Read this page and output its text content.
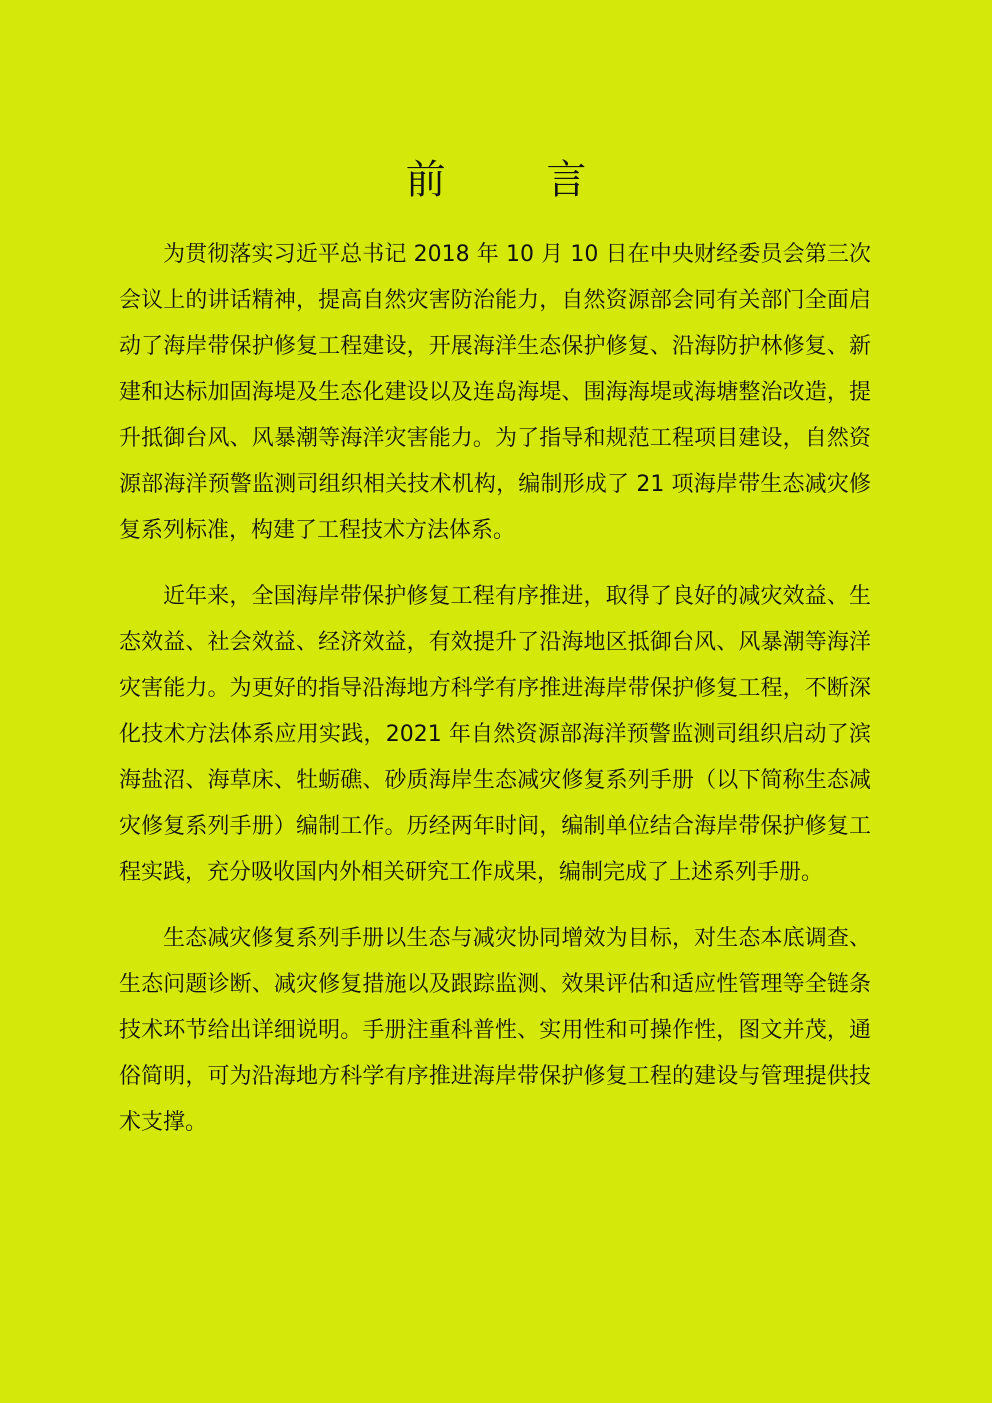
前 言

为贯彻落实习近平总书记 2018 年 10 月 10 日在中央财经委员会第三次会议上的讲话精神，提高自然灾害防治能力，自然资源部会同有关部门全面启动了海岸带保护修复工程建设，开展海洋生态保护修复、沿海防护林修复、新建和达标加固海堤及生态化建设以及连岛海堤、围海海堤或海塘整治改造，提升抵御台风、风暴潮等海洋灾害能力。为了指导和规范工程项目建设，自然资源部海洋预警监测司组织相关技术机构，编制形成了 21 项海岸带生态减灾修复系列标准，构建了工程技术方法体系。

近年来，全国海岸带保护修复工程有序推进，取得了良好的减灾效益、生态效益、社会效益、经济效益，有效提升了沿海地区抵御台风、风暴潮等海洋灾害能力。为更好的指导沿海地方科学有序推进海岸带保护修复工程，不断深化技术方法体系应用实践，2021 年自然资源部海洋预警监测司组织启动了滨海盐沼、海草床、牡蛎礁、砂质海岸生态减灾修复系列手册（以下简称生态减灾修复系列手册）编制工作。历经两年时间，编制单位结合海岸带保护修复工程实践，充分吸收国内外相关研究工作成果，编制完成了上述系列手册。

生态减灾修复系列手册以生态与减灾协同增效为目标，对生态本底调查、生态问题诊断、减灾修复措施以及跟踪监测、效果评估和适应性管理等全链条技术环节给出详细说明。手册注重科普性、实用性和可操作性，图文并茂，通俗简明，可为沿海地方科学有序推进海岸带保护修复工程的建设与管理提供技术支撑。
